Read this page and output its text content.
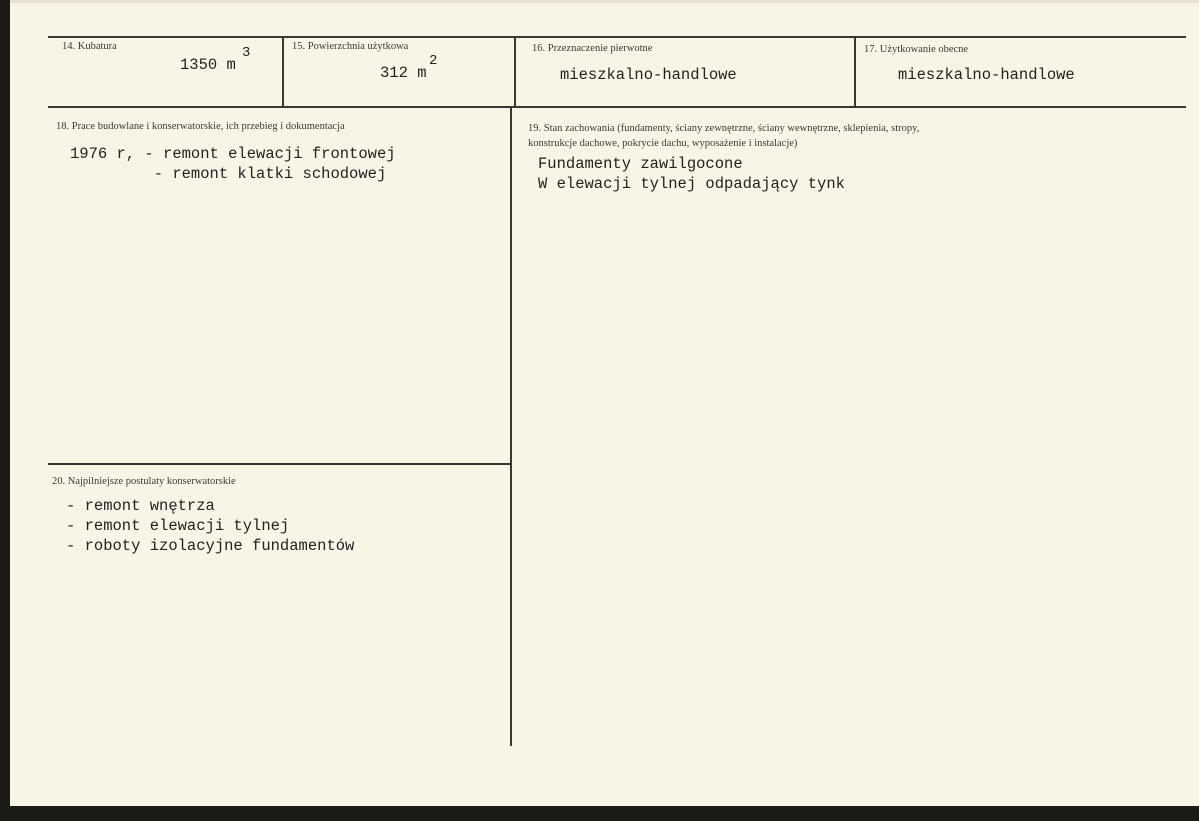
14. Kubatura
1350 m
3	15. Powierzchnia użytkowa
312 m
2
16. Przeznaczenie pierwotne
mieszkalno-handlowe
17. Użytkowanie obecne
mieszkalno-handlowe
18. Prace budowlane i konserwatorskie, ich przebieg i dokumentacja
1976 r, - remont elewacji frontowej
- remont klatki schodowej
19. Stan zachowania (fundamenty, ściany zewnętrzne, ściany wewnętrzne, sklepienia, stropy,
konstrukcje dachowe, pokrycie dachu, wyposażenie i instalacje)
Fundamenty zawilgocone
W elewacji tylnej odpadający tynk
20. Najpilniejsze postulaty konserwatorskie
- remont wnętrza
- remont elewacji tylnej
- roboty izolacyjne fundamentów
